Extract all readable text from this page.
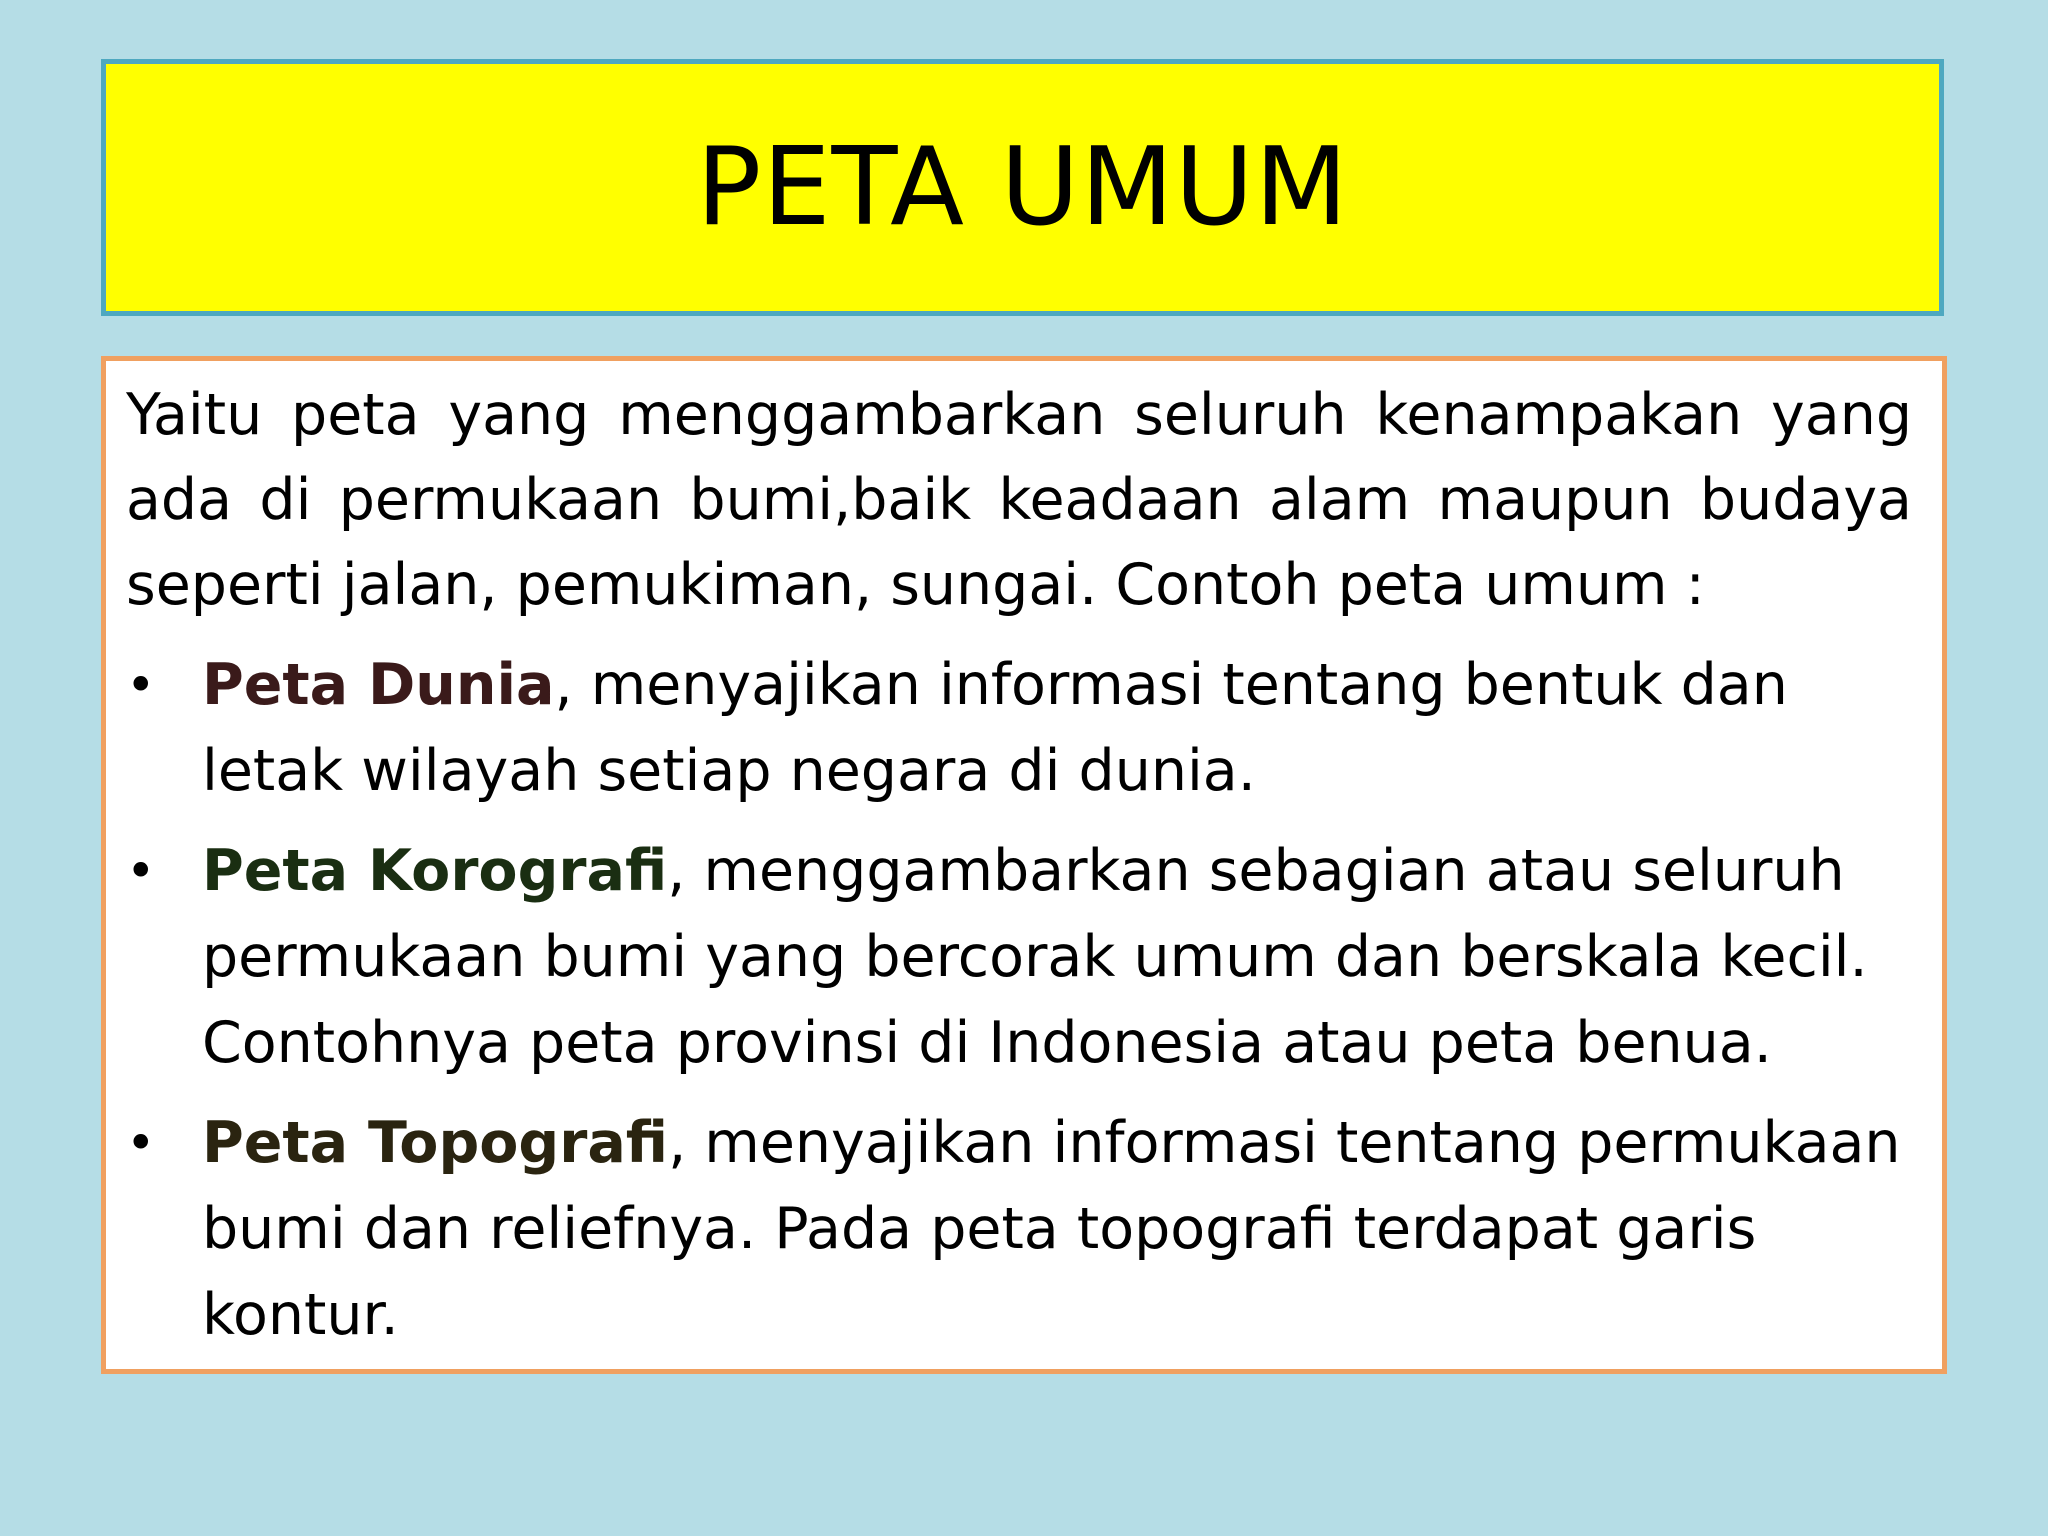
PETA UMUM

Yaitu peta yang menggambarkan seluruh kenampakan yang ada di permukaan bumi,baik keadaan alam maupun budaya seperti jalan, pemukiman, sungai. Contoh peta umum :

• Peta Dunia, menyajikan informasi tentang bentuk dan letak wilayah setiap negara di dunia.
• Peta Korografi, menggambarkan sebagian atau seluruh permukaan bumi yang bercorak umum dan berskala kecil. Contohnya peta provinsi di Indonesia atau peta benua.
• Peta Topografi, menyajikan informasi tentang permukaan bumi dan reliefnya. Pada peta topografi terdapat garis kontur.
